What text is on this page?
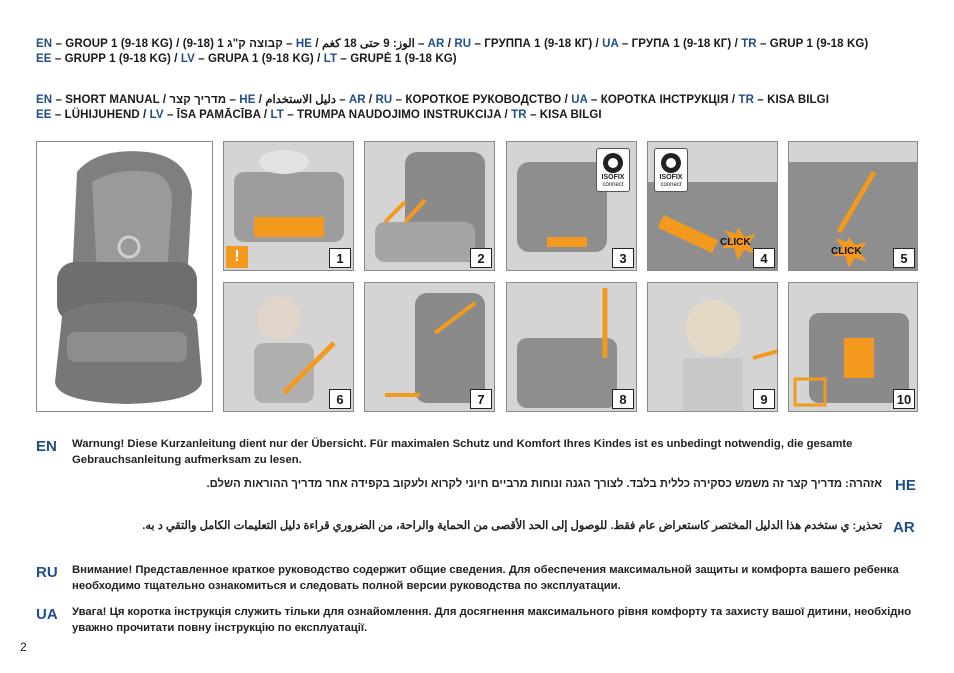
EN – GROUP 1 (9-18 KG) / (9-18) 1 קבוצה ק"ג – HE / الوز: 9 حتى 18 كغم – AR / RU – ГРУППА 1 (9-18 КГ) / UA – ГРУПА 1 (9-18 КГ) / TR – GRUP 1 (9-18 KG)
EE – GRUPP 1 (9-18 KG) / LV – GRUPA 1 (9-18 KG) / LT – GRUPĖ 1 (9-18 KG)
EN – SHORT MANUAL / מדריך קצר – HE / دليل الاستخدام – AR / RU – КОРОТКОЕ РУКОВОДСТВО / UA – КОРОТКА ІНСТРУКЦІЯ / TR – KISA BILGI
EE – LÜHIJUHEND / LV – ĪSA PAMĀCĪBA / LT – TRUMPA NAUDOJIMO INSTRUKCIJA / TR – KISA BILGI
!	1	2
ISOFIX
connect
3
ISOFIX
connect
CLICK
4	CLICK	5
6	7	8	9	10
EN Warnung! Diese Kurzanleitung dient nur der Übersicht. Für maximalen Schutz und Komfort Ihres Kindes ist es unbedingt notwendig, die gesamte Gebrauchsanleitung aufmerksam zu lesen.
HE
אזהרה: מדריך קצר זה משמש כסקירה כללית בלבד. לצורך הגנה ונוחות מרביים חיוני לקרוא ולעקוב בקפידה אחר מדריך ההוראות השלם.
AR
تحذير: ي ستخدم هذا الدليل المختصر كاستعراض عام فقط. للوصول إلى الحد الأقصى من الحماية والراحة، من الضروري قراءة دليل التعليمات الكامل والتقي د به.
RU Внимание! Представленное краткое руководство содержит общие сведения. Для обеспечения максимальной защиты и комфорта вашего ребенка необходимо тщательно ознакомиться и следовать полной версии руководства по эксплуатации.
UA Увага! Ця коротка інструкція служить тільки для ознайомлення. Для досягнення максимального рівня комфорту та захисту вашої дитини, необхідно уважно прочитати повну інструкцію по експлуатації.
2
